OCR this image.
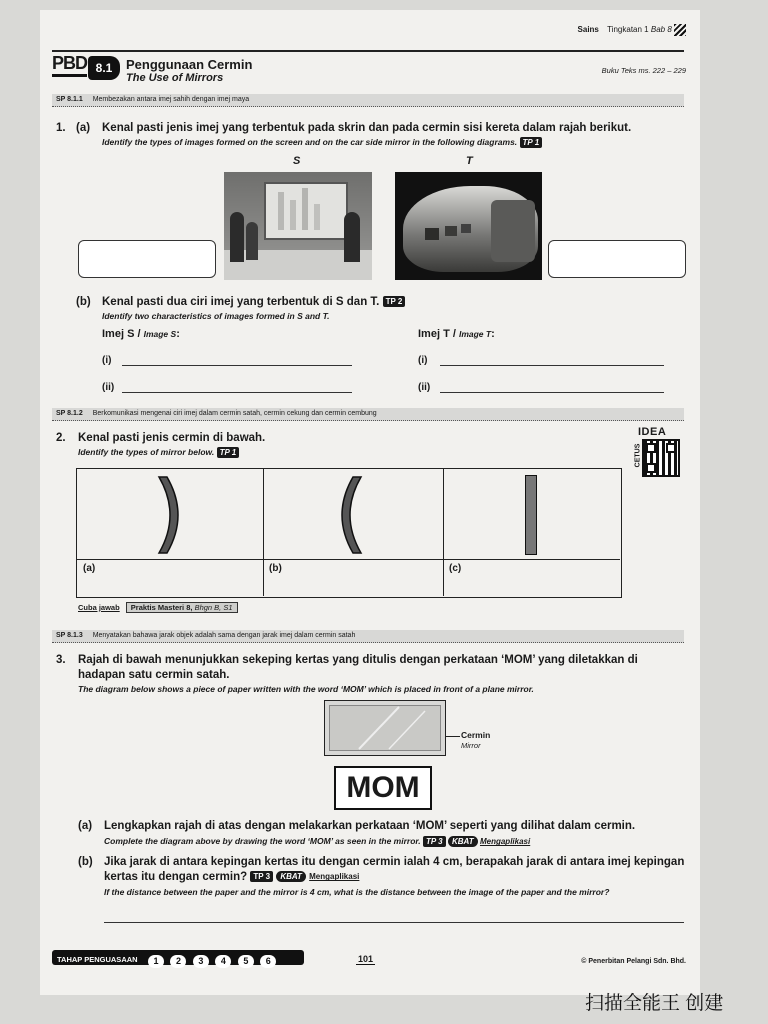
Sains Tingkatan 1 Bab 8
PBD 8.1	Penggunaan Cermin
The Use of Mirrors
Buku Teks ms. 222 – 229
SP 8.1.1 Membezakan antara imej sahih dengan imej maya
1. (a) Kenal pasti jenis imej yang terbentuk pada skrin dan pada cermin sisi kereta dalam rajah berikut.
Identify the types of images formed on the screen and on the car side mirror in the following diagrams. TP 1
S	T
(b) Kenal pasti dua ciri imej yang terbentuk di S dan T. TP 2
Identify two characteristics of images formed in S and T.
Imej S / Image S:	Imej T / Image T:
(i)
(ii)
(i)
(ii)
SP 8.1.2 Berkomunikasi mengenai ciri imej dalam cermin satah, cermin cekung dan cermin cembung
2. Kenal pasti jenis cermin di bawah.
Identify the types of mirror below. TP 1
IDEA
CETUS
(a)	(b)	(c)
Cuba jawab Praktis Masteri 8, Bhgn B, S1
SP 8.1.3 Menyatakan bahawa jarak objek adalah sama dengan jarak imej dalam cermin satah
3. Rajah di bawah menunjukkan sekeping kertas yang ditulis dengan perkataan ‘MOM’ yang diletakkan di
hadapan satu cermin satah.
The diagram below shows a piece of paper written with the word ‘MOM’ which is placed in front of a plane mirror.
Cermin
Mirror
MOM
(a) Lengkapkan rajah di atas dengan melakarkan perkataan ‘MOM’ seperti yang dilihat dalam cermin.
Complete the diagram above by drawing the word ‘MOM’ as seen in the mirror. TP 3 KBAT Mengaplikasi
(b) Jika jarak di antara kepingan kertas itu dengan cermin ialah 4 cm, berapakah jarak di antara imej kepingan
kertas itu dengan cermin? TP 3 KBAT Mengaplikasi
If the distance between the paper and the mirror is 4 cm, what is the distance between the image of the paper and the mirror?
TAHAP PENGUASAAN 1 2 3 4 5 6	101	© Penerbitan Pelangi Sdn. Bhd.
扫描全能王 创建
